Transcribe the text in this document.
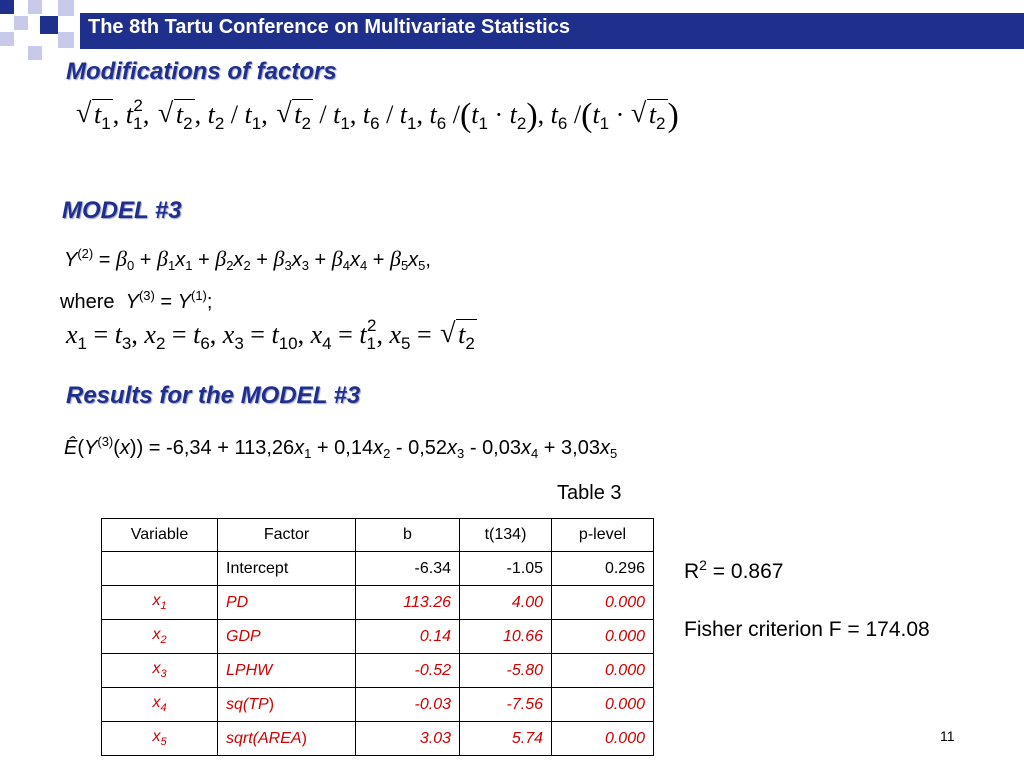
The 8th Tartu Conference on Multivariate Statistics
Modifications of factors
√ $t_1$, $t_1^2$, √ $t_2$, $t_2 / t_1$, √ $t_2 / t_1$, $t_6 / t_1$, $t_6$ $/(t_1 \cdot t_2)$, $t_6$ $/(t_1$ · √ $t_2$)
MODEL #3
$Y^{(2)} = \beta_0 + \beta_1x_1 + \beta_2x_2 + \beta_3x_3 + \beta_4x_4 + \beta_5x_5$,
where $Y^{(3)} = Y^{(1)}$;
$x_1 = t_3$, $x_2 = t_6$, $x_3 = t_{10}$, $x_4 = t_1^2$, $x_5$ = √ $t_2$
Results for the MODEL #3
$Ê(Y^{(3)}(x)) = -6,34 + 113,26x_1 + 0,14x_2 - 0,52x_3 - 0,03x_4 + 3,03x_5$
Table 3
Variable	Factor	b	t(134)	p-level
	Intercept	-6.34	-1.05	0.296
$x_1$	PD	113.26	4.00	0.000
$x_2$	GDP	0.14	10.66	0.000
$x_3$	LPHW	-0.52	-5.80	0.000
$x_4$	sq(TP)	-0.03	-7.56	0.000
$x_5$	sqrt(AREA)	3.03	5.74	0.000
$R^2 = 0.867$
Fisher criterion F = 174.08
11
